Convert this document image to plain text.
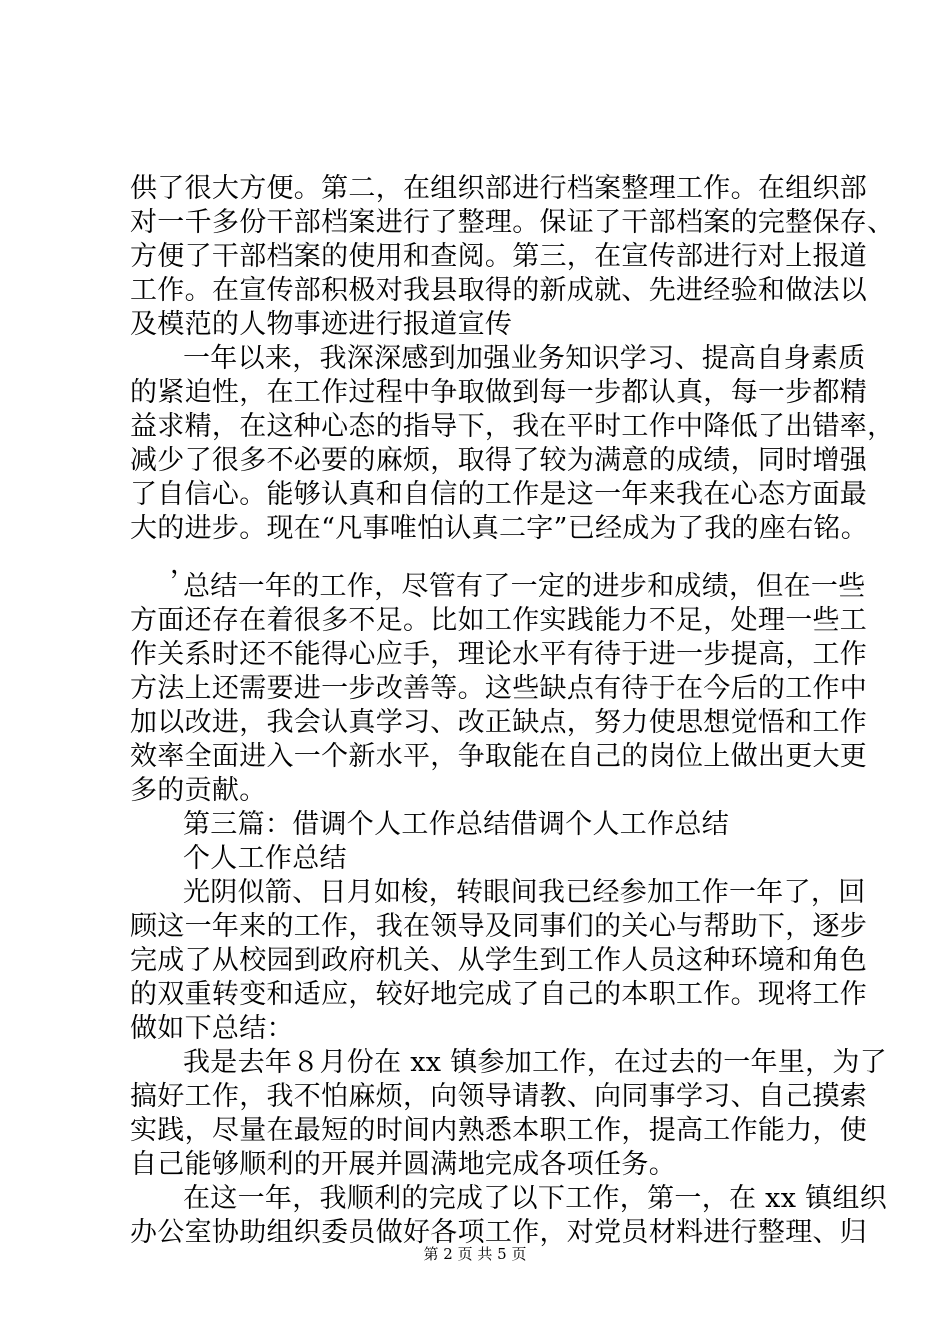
供了很大方便。第二，在组织部进行档案整理工作。在组织部
对一千多份干部档案进行了整理。保证了干部档案的完整保存、
方便了干部档案的使用和查阅。第三，在宣传部进行对上报道
工作。在宣传部积极对我县取得的新成就、先进经验和做法以
及模范的人物事迹进行报道宣传
一年以来，我深深感到加强业务知识学习、提高自身素质
的紧迫性，在工作过程中争取做到每一步都认真，每一步都精
益求精，在这种心态的指导下，我在平时工作中降低了出错率，
减少了很多不必要的麻烦，取得了较为满意的成绩，同时增强
了自信心。能够认真和自信的工作是这一年来我在心态方面最
大的进步。现在“凡事唯怕认真二字”已经成为了我的座右铭。
，
总结一年的工作，尽管有了一定的进步和成绩，但在一些
方面还存在着很多不足。比如工作实践能力不足，处理一些工
作关系时还不能得心应手，理论水平有待于进一步提高，工作
方法上还需要进一步改善等。这些缺点有待于在今后的工作中
加以改进，我会认真学习、改正缺点，努力使思想觉悟和工作
效率全面进入一个新水平，争取能在自己的岗位上做出更大更
多的贡献。
第三篇：借调个人工作总结借调个人工作总结
个人工作总结
光阴似箭、日月如梭，转眼间我已经参加工作一年了，回
顾这一年来的工作，我在领导及同事们的关心与帮助下，逐步
完成了从校园到政府机关、从学生到工作人员这种环境和角色
的双重转变和适应，较好地完成了自己的本职工作。现将工作
做如下总结：
我是去年８月份在 xx 镇参加工作，在过去的一年里，为了
搞好工作，我不怕麻烦，向领导请教、向同事学习、自己摸索
实践，尽量在最短的时间内熟悉本职工作，提高工作能力，使
自己能够顺利的开展并圆满地完成各项任务。
在这一年，我顺利的完成了以下工作，第一，在 xx 镇组织
办公室协助组织委员做好各项工作，对党员材料进行整理、归
第 2 页 共 5 页
